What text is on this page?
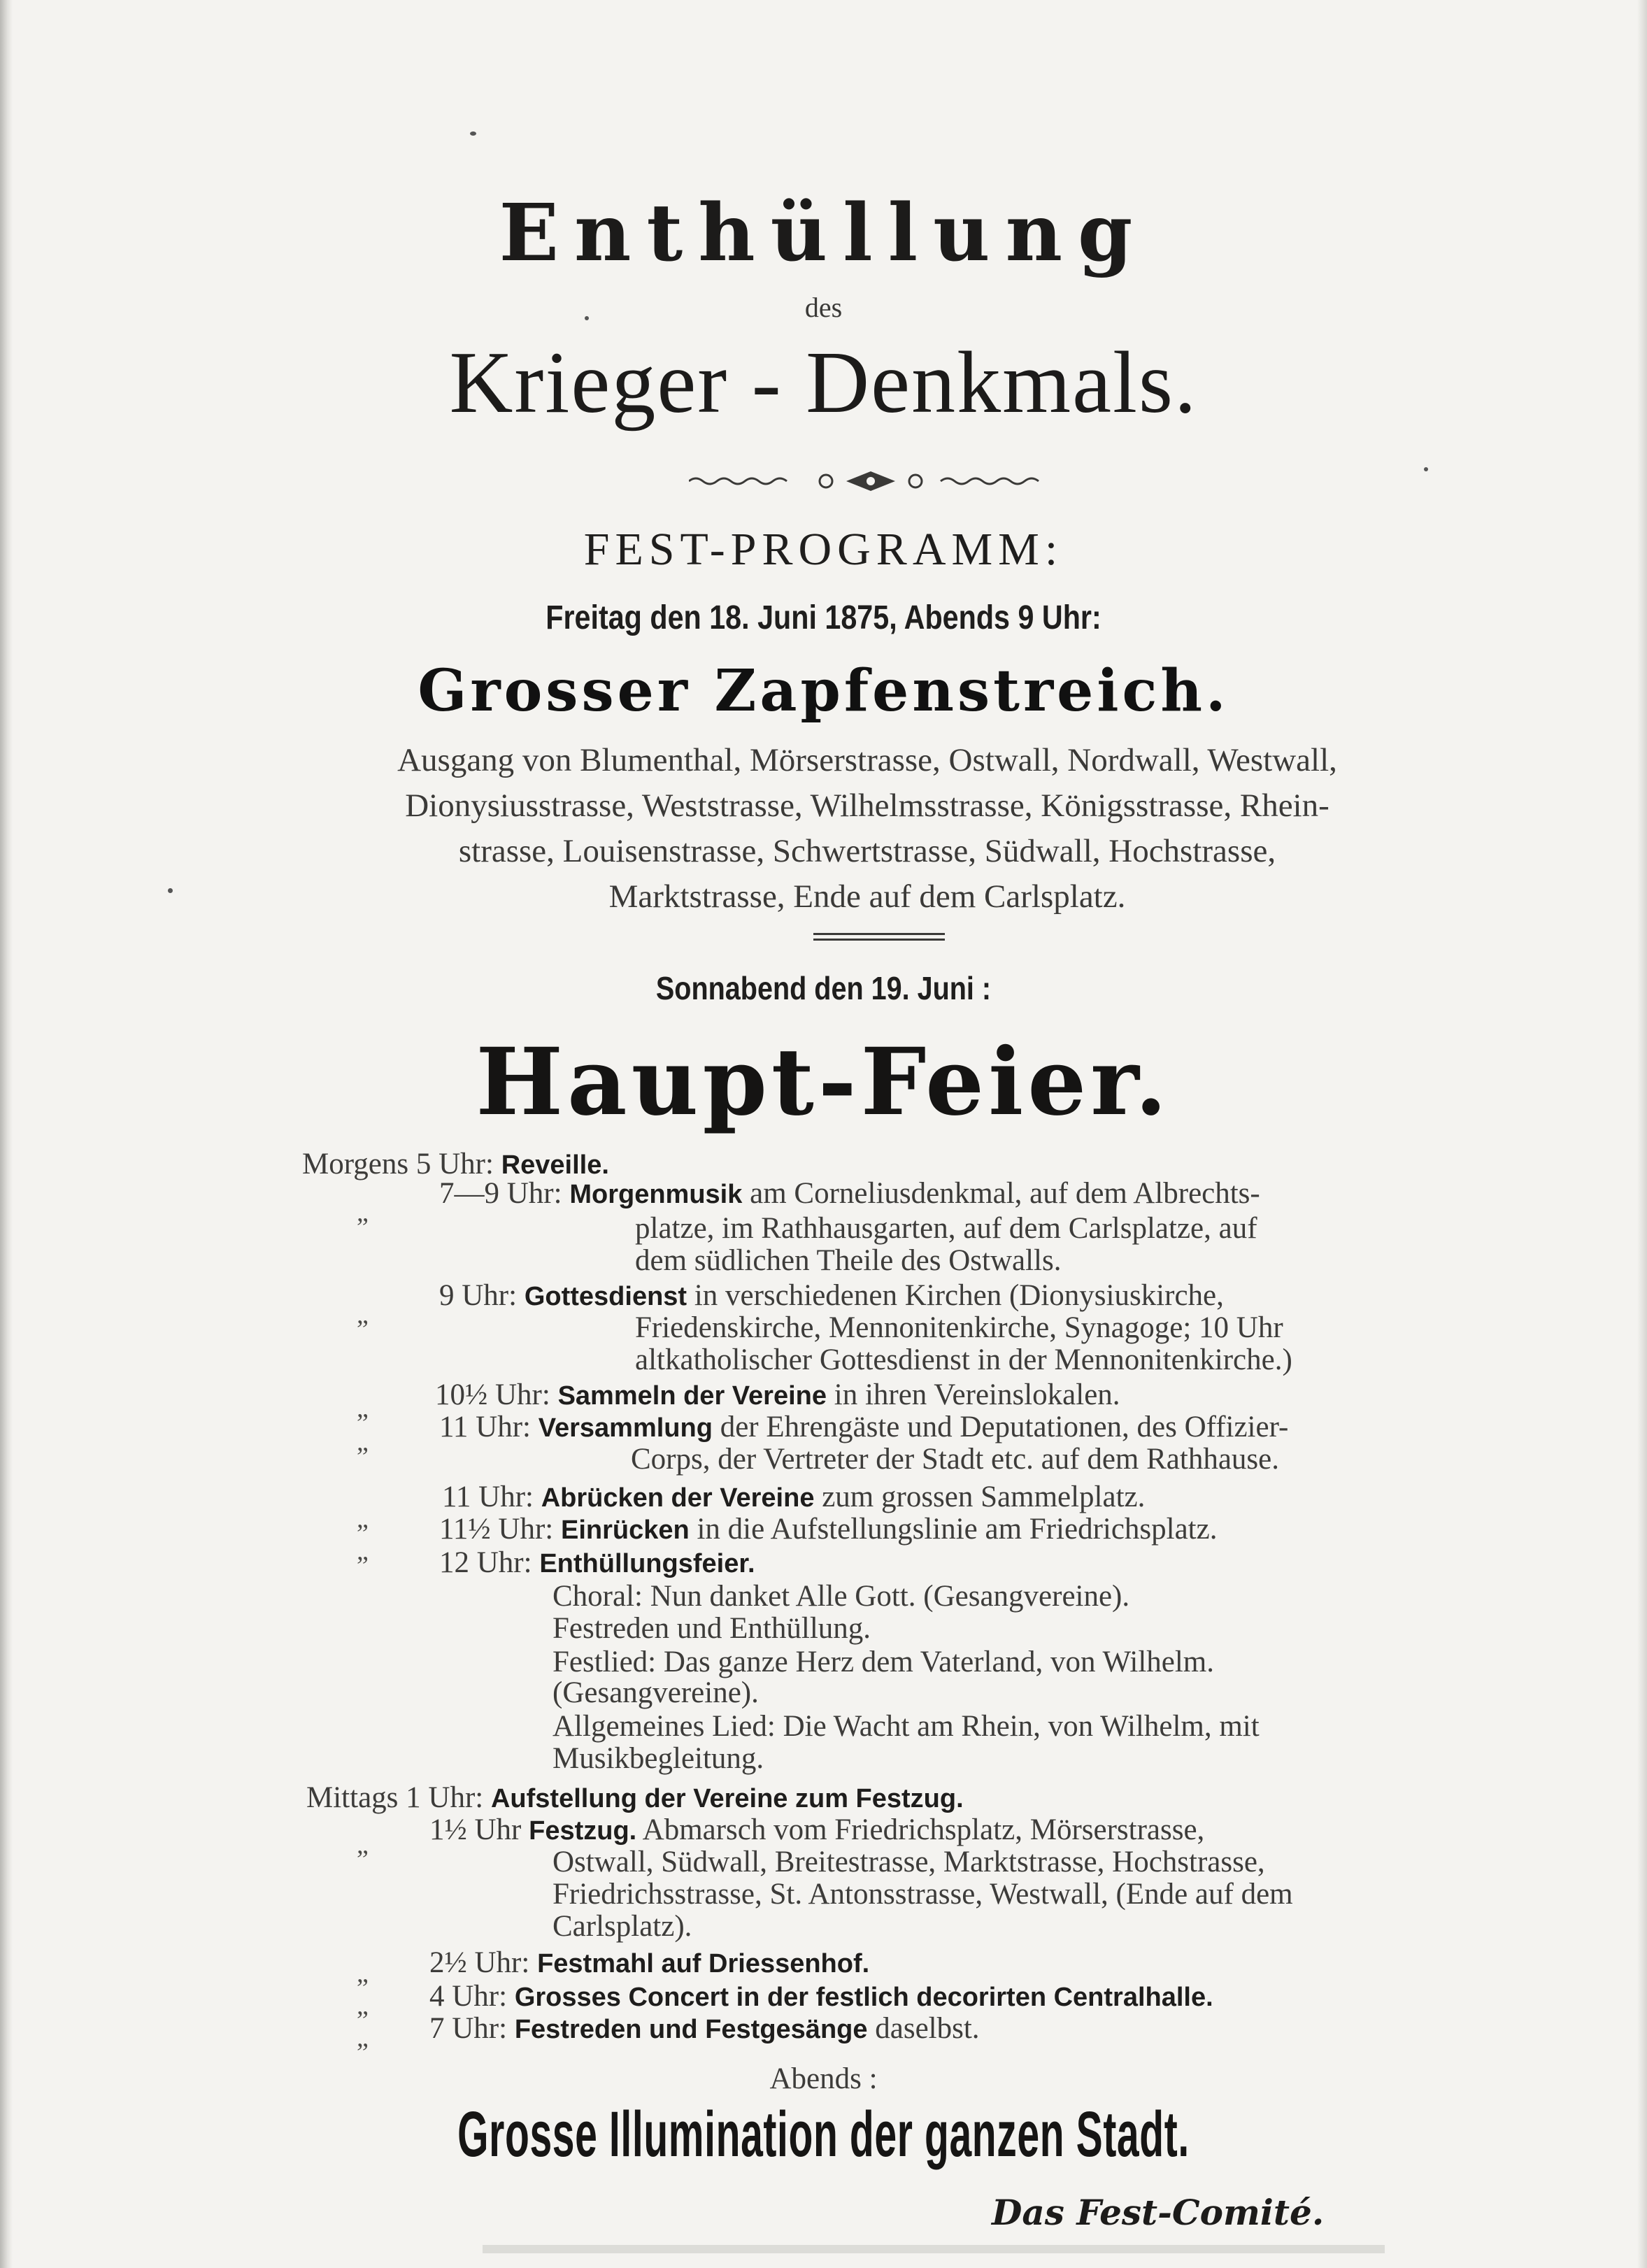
Enthüllung
des
Krieger - Denkmals.
FEST-PROGRAMM:
Freitag den 18. Juni 1875, Abends 9 Uhr:
Grosser Zapfenstreich.
Ausgang von Blumenthal, Mörserstrasse, Ostwall, Nordwall, Westwall,
Dionysiusstrasse, Weststrasse, Wilhelmsstrasse, Königsstrasse, Rhein-
strasse, Louisenstrasse, Schwertstrasse, Südwall, Hochstrasse,
Marktstrasse, Ende auf dem Carlsplatz.
Sonnabend den 19. Juni :
Haupt-Feier.
Morgens 5 Uhr: Reveille.
„
7—9 Uhr: Morgenmusik am Corneliusdenkmal, auf dem Albrechts-
platze, im Rathhausgarten, auf dem Carlsplatze, auf
dem südlichen Theile des Ostwalls.
„
9 Uhr: Gottesdienst in verschiedenen Kirchen (Dionysiuskirche,
Friedenskirche, Mennonitenkirche, Synagoge; 10 Uhr
altkatholischer Gottesdienst in der Mennonitenkirche.)
„ 10½ Uhr: Sammeln der Vereine in ihren Vereinslokalen.
„ 11 Uhr: Versammlung der Ehrengäste und Deputationen, des Offizier-
Corps, der Vertreter der Stadt etc. auf dem Rathhause.
11 Uhr: Abrücken der Vereine zum grossen Sammelplatz.
„ 11½ Uhr: Einrücken in die Aufstellungslinie am Friedrichsplatz.
„ 12 Uhr: Enthüllungsfeier.
Choral: Nun danket Alle Gott. (Gesangvereine).
Festreden und Enthüllung.
Festlied: Das ganze Herz dem Vaterland, von Wilhelm.
(Gesangvereine).
Allgemeines Lied: Die Wacht am Rhein, von Wilhelm, mit
Musikbegleitung.
Mittags 1 Uhr: Aufstellung der Vereine zum Festzug.
„ 1½ Uhr Festzug. Abmarsch vom Friedrichsplatz, Mörserstrasse,
Ostwall, Südwall, Breitestrasse, Marktstrasse, Hochstrasse,
Friedrichsstrasse, St. Antonsstrasse, Westwall, (Ende auf dem
Carlsplatz).
„ 2½ Uhr: Festmahl auf Driessenhof.
„ 4 Uhr: Grosses Concert in der festlich decorirten Centralhalle.
„ 7 Uhr: Festreden und Festgesänge daselbst.
Abends :
Grosse Illumination der ganzen Stadt.
Das Fest-Comité.
